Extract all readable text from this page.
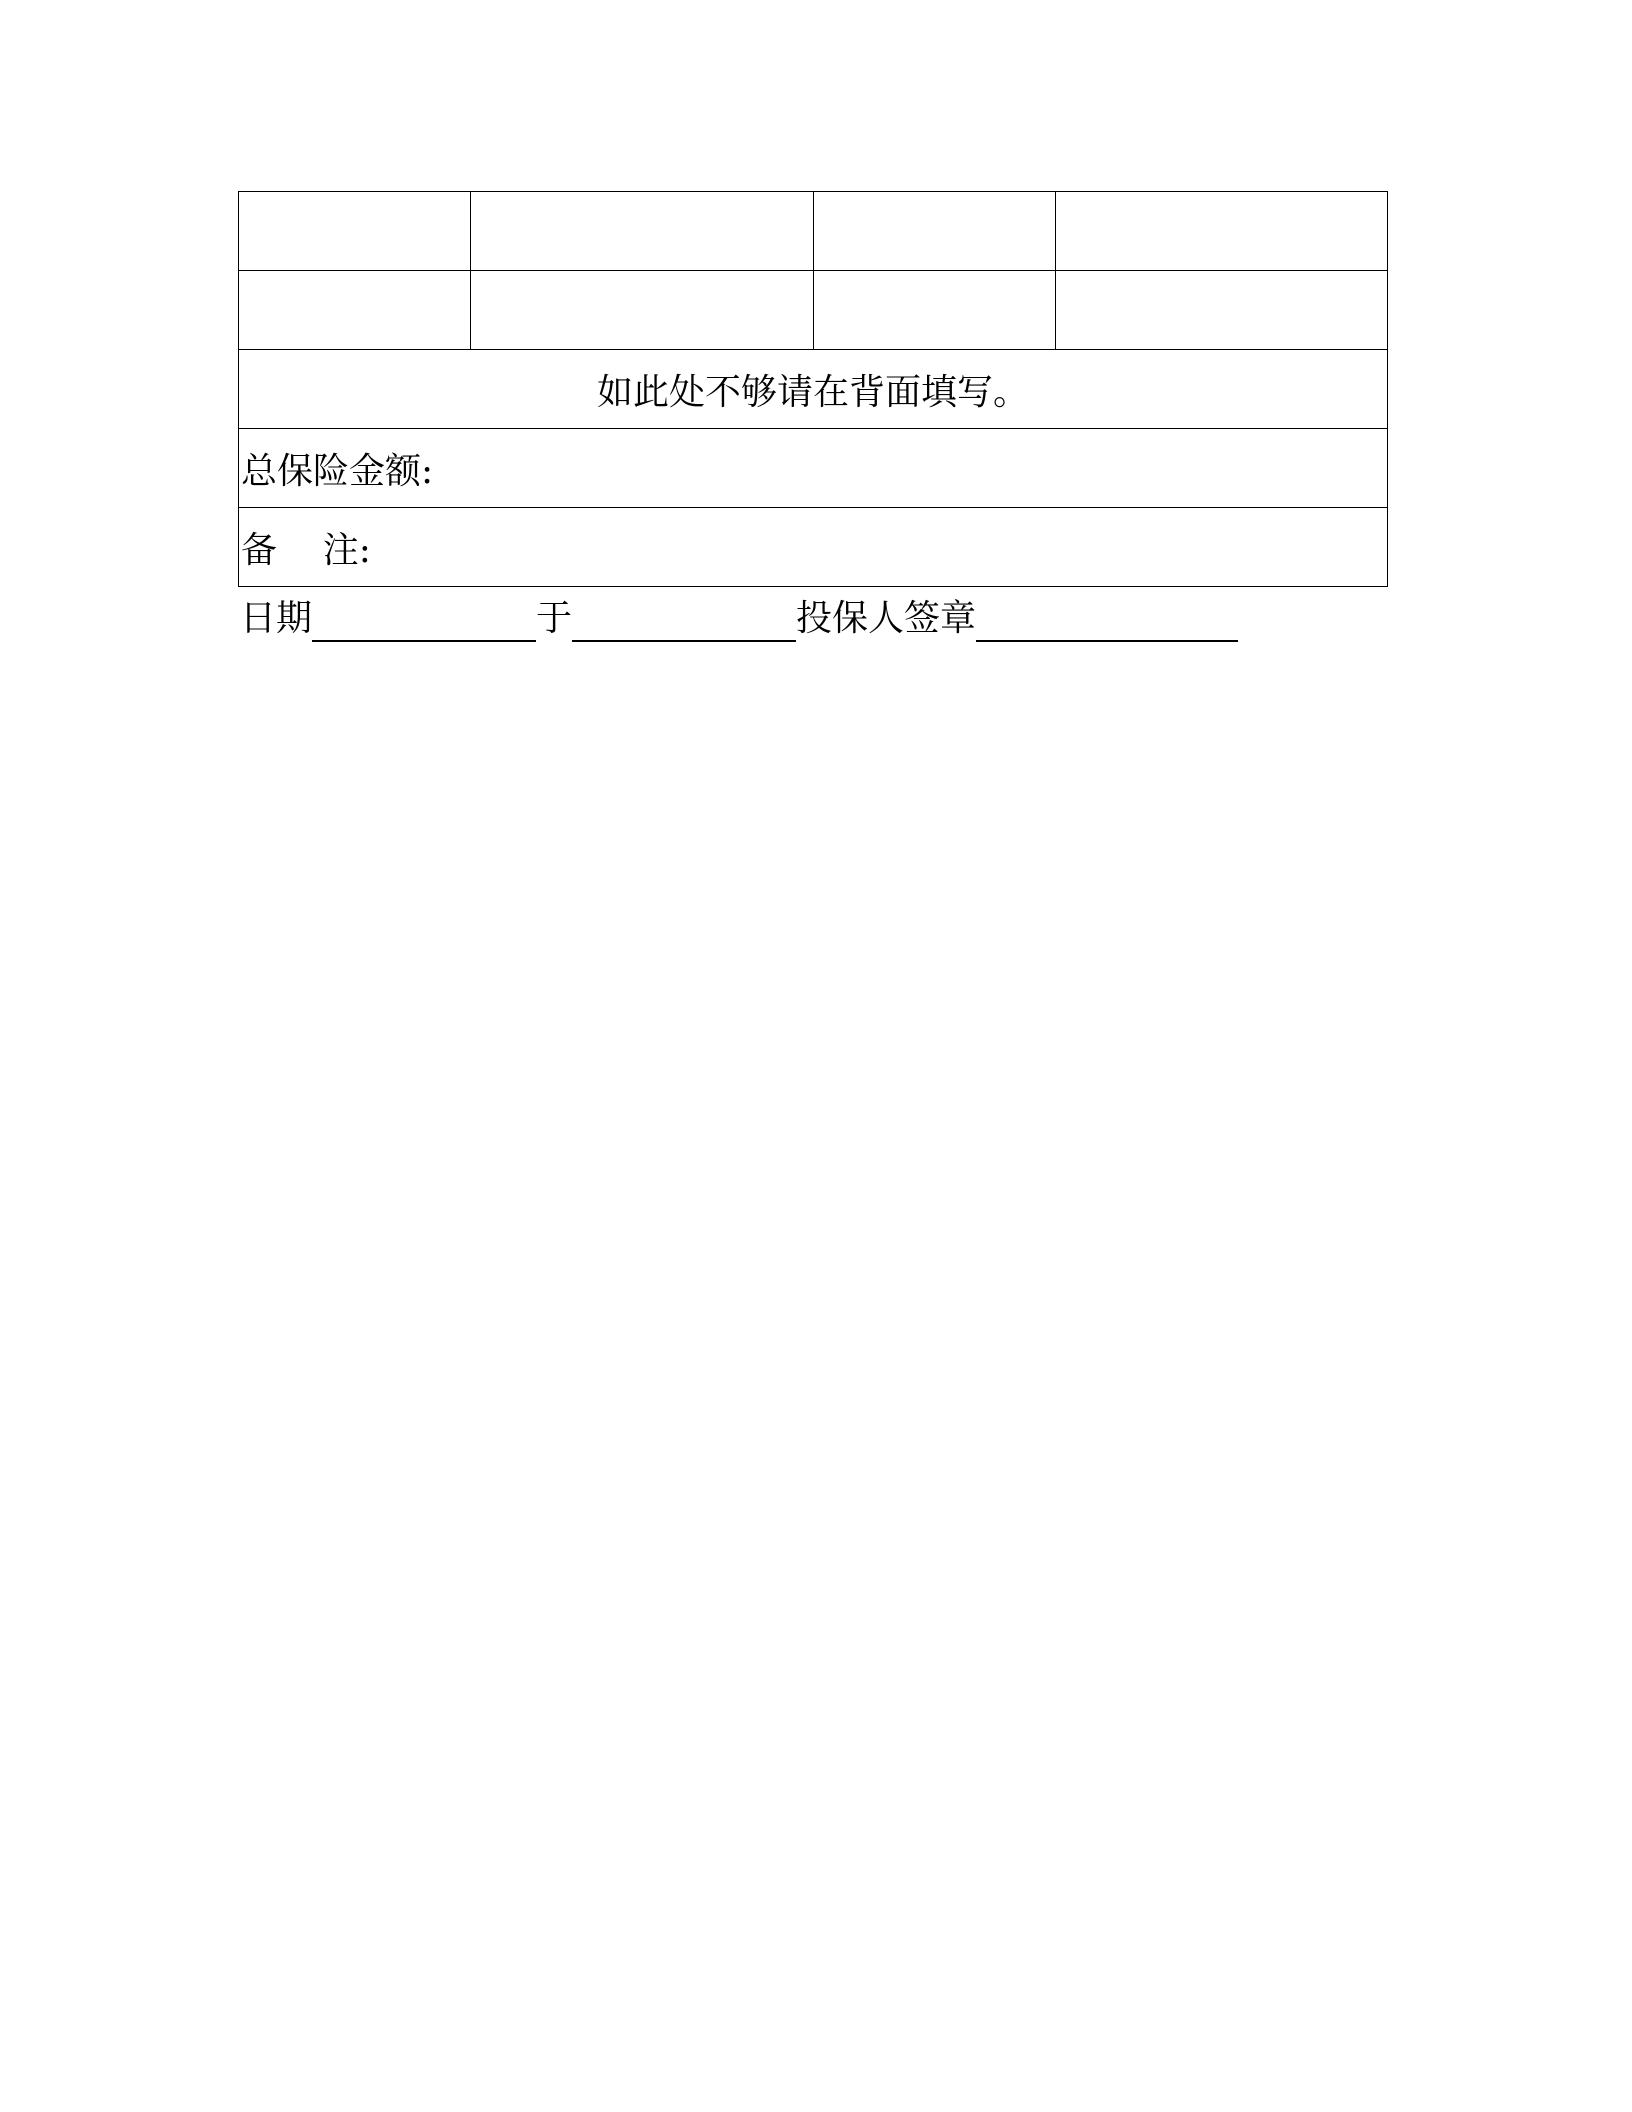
如此处不够请在背面填写。			
总保险金额:			
备    注:			
日期	于	投保人签章
